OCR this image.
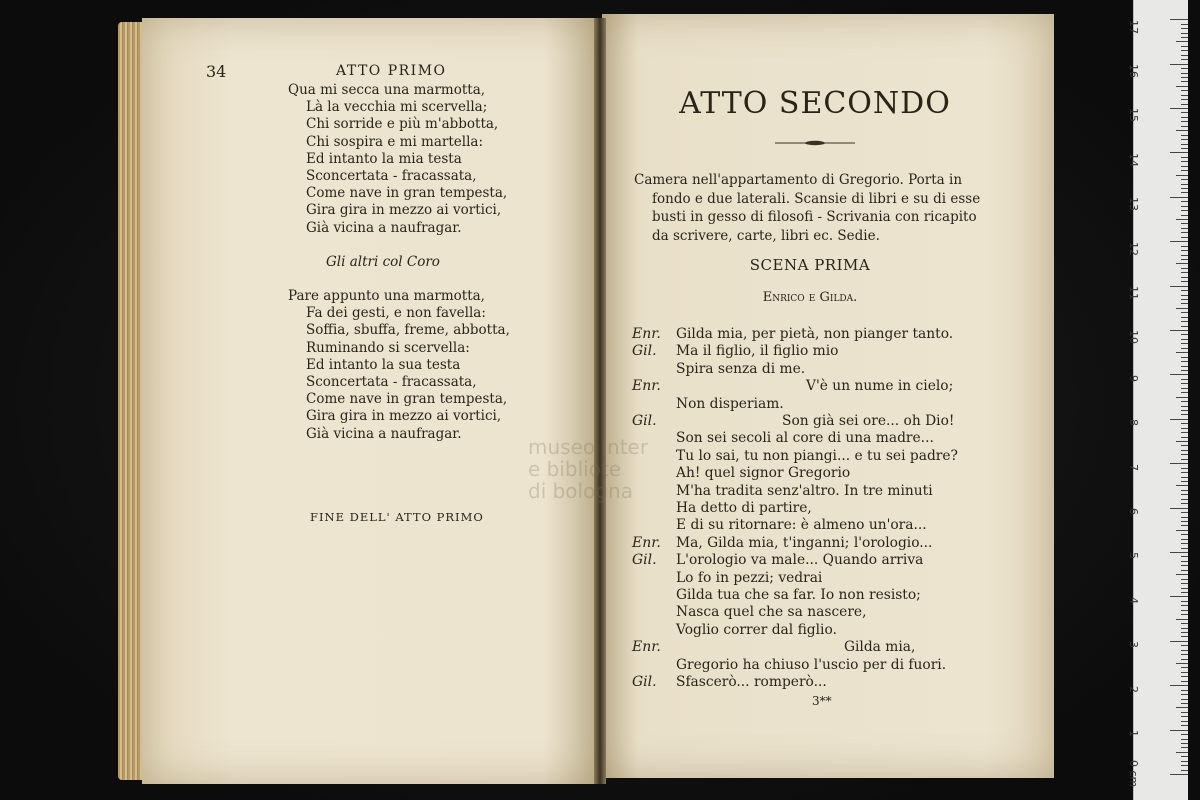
34	ATTO PRIMO
Qua mi secca una marmotta,
Là la vecchia mi scervella;
Chi sorride e più m'abbotta,
Chi sospira e mi martella:
Ed intanto la mia testa
Sconcertata - fracassata,
Come nave in gran tempesta,
Gira gira in mezzo ai vortici,
Già vicina a naufragar.
Gli altri col Coro
Pare appunto una marmotta,
Fa dei gesti, e non favella:
Soffia, sbuffa, freme, abbotta,
Ruminando si scervella:
Ed intanto la sua testa
Sconcertata - fracassata,
Come nave in gran tempesta,
Gira gira in mezzo ai vortici,
Già vicina a naufragar.
FINE DELL' ATTO PRIMO
ATTO SECONDO
Camera nell'appartamento di Gregorio. Porta in
fondo e due laterali. Scansie di libri e su di esse
busti in gesso di filosofi - Scrivania con ricapito
da scrivere, carte, libri ec. Sedie.
SCENA PRIMA
Enrico e Gilda.
Enr. Gilda mia, per pietà, non pianger tanto.
Gil. Ma il figlio, il figlio mio
Spira senza di me.
Enr.	V'è un nume in cielo;
Non disperiam.
Gil.	Son già sei ore... oh Dio!
Son sei secoli al core di una madre...
Tu lo sai, tu non piangi... e tu sei padre?
Ah! quel signor Gregorio
M'ha tradita senz'altro. In tre minuti
Ha detto di partire,
E di su ritornare: è almeno un'ora...
Enr. Ma, Gilda mia, t'inganni; l'orologio...
Gil. L'orologio va male... Quando arriva
Lo fo in pezzi; vedrai
Gilda tua che sa far. Io non resisto;
Nasca quel che sa nascere,
Voglio correr dal figlio.
Enr.	Gilda mia,
Gregorio ha chiuso l'uscio per di fuori.
Gil. Sfascerò... romperò...
3**
museo inter
e bibliote
di bologna
0 cm
1
2
3
4
5
6
7
8
9
10
11
12
13
14
15
16
17
